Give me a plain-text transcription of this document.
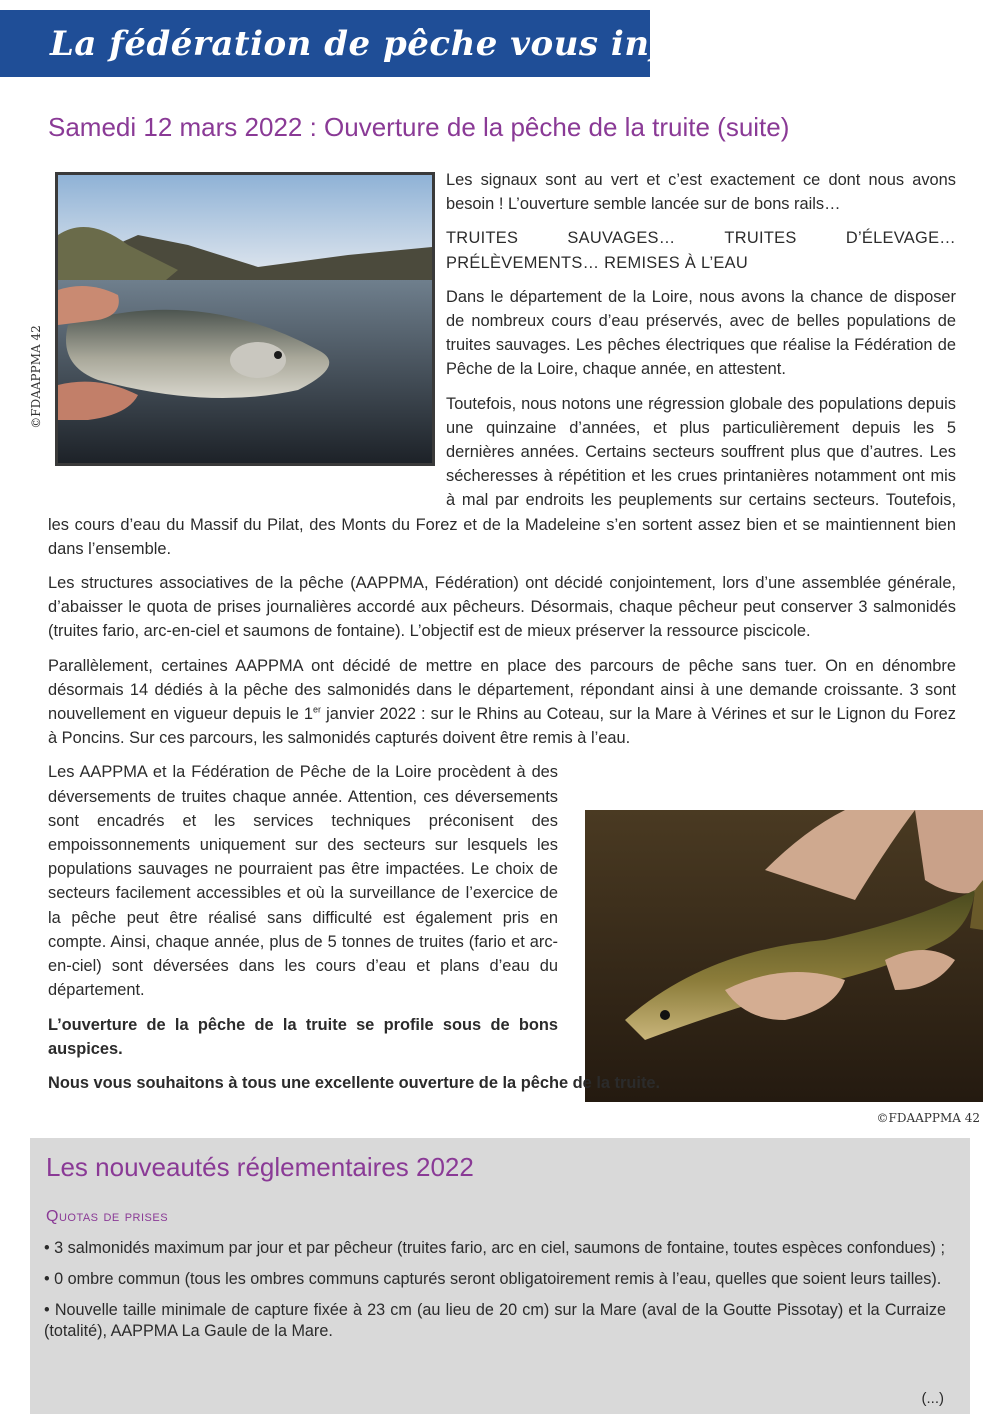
La fédération de pêche vous informe
Samedi 12 mars 2022 : Ouverture de la pêche de la truite (suite)
©FDAAPPMA 42
©FDAAPPMA 42

Les signaux sont au vert et c’est exactement ce dont nous avons besoin ! L’ouverture semble lancée sur de bons rails…

TRUITES SAUVAGES… TRUITES D’ÉLEVAGE… PRÉLÈVEMENTS… REMISES À L’EAU

Dans le département de la Loire, nous avons la chance de disposer de nombreux cours d’eau préservés, avec de belles populations de truites sauvages. Les pêches électriques que réalise la Fédération de Pêche de la Loire, chaque année, en attestent.

Toutefois, nous notons une régression globale des populations depuis une quinzaine d’années, et plus particulièrement depuis les 5 dernières années. Certains secteurs souffrent plus que d’autres. Les sécheresses à répétition et les crues printanières notamment ont mis à mal par endroits les peuplements sur certains secteurs. Toutefois, les cours d’eau du Massif du Pilat, des Monts du Forez et de la Madeleine s’en sortent assez bien et se maintiennent bien dans l’ensemble.

Les structures associatives de la pêche (AAPPMA, Fédération) ont décidé conjointement, lors d’une assemblée générale, d’abaisser le quota de prises journalières accordé aux pêcheurs. Désormais, chaque pêcheur peut conserver 3 salmonidés (truites fario, arc-en-ciel et saumons de fontaine). L’objectif est de mieux préserver la ressource piscicole.

Parallèlement, certaines AAPPMA ont décidé de mettre en place des parcours de pêche sans tuer. On en dénombre désormais 14 dédiés à la pêche des salmonidés dans le département, répondant ainsi à une demande croissante. 3 sont nouvellement en vigueur depuis le 1er janvier 2022 : sur le Rhins au Coteau, sur la Mare à Vérines et sur le Lignon du Forez à Poncins. Sur ces parcours, les salmonidés capturés doivent être remis à l’eau.

Les AAPPMA et la Fédération de Pêche de la Loire procèdent à des déversements de truites chaque année. Attention, ces déversements sont encadrés et les services techniques préconisent des empoissonnements uniquement sur des secteurs sur lesquels les populations sauvages ne pourraient pas être impactées. Le choix de secteurs facilement accessibles et où la surveillance de l’exercice de la pêche peut être réalisé sans difficulté est également pris en compte. Ainsi, chaque année, plus de 5 tonnes de truites (fario et arc-en-ciel) sont déversées dans les cours d’eau et plans d’eau du département.

L’ouverture de la pêche de la truite se profile sous de bons auspices.

Nous vous souhaitons à tous une excellente ouverture de la pêche de la truite.

Les nouveautés réglementaires 2022
Quotas de prises

• 3 salmonidés maximum par jour et par pêcheur (truites fario, arc en ciel, saumons de fontaine, toutes espèces confondues) ;

• 0 ombre commun (tous les ombres communs capturés seront obligatoirement remis à l’eau, quelles que soient leurs tailles).

• Nouvelle taille minimale de capture fixée à 23 cm (au lieu de 20 cm) sur la Mare (aval de la Goutte Pissotay) et la Curraize (totalité), AAPPMA La Gaule de la Mare.

(...)
